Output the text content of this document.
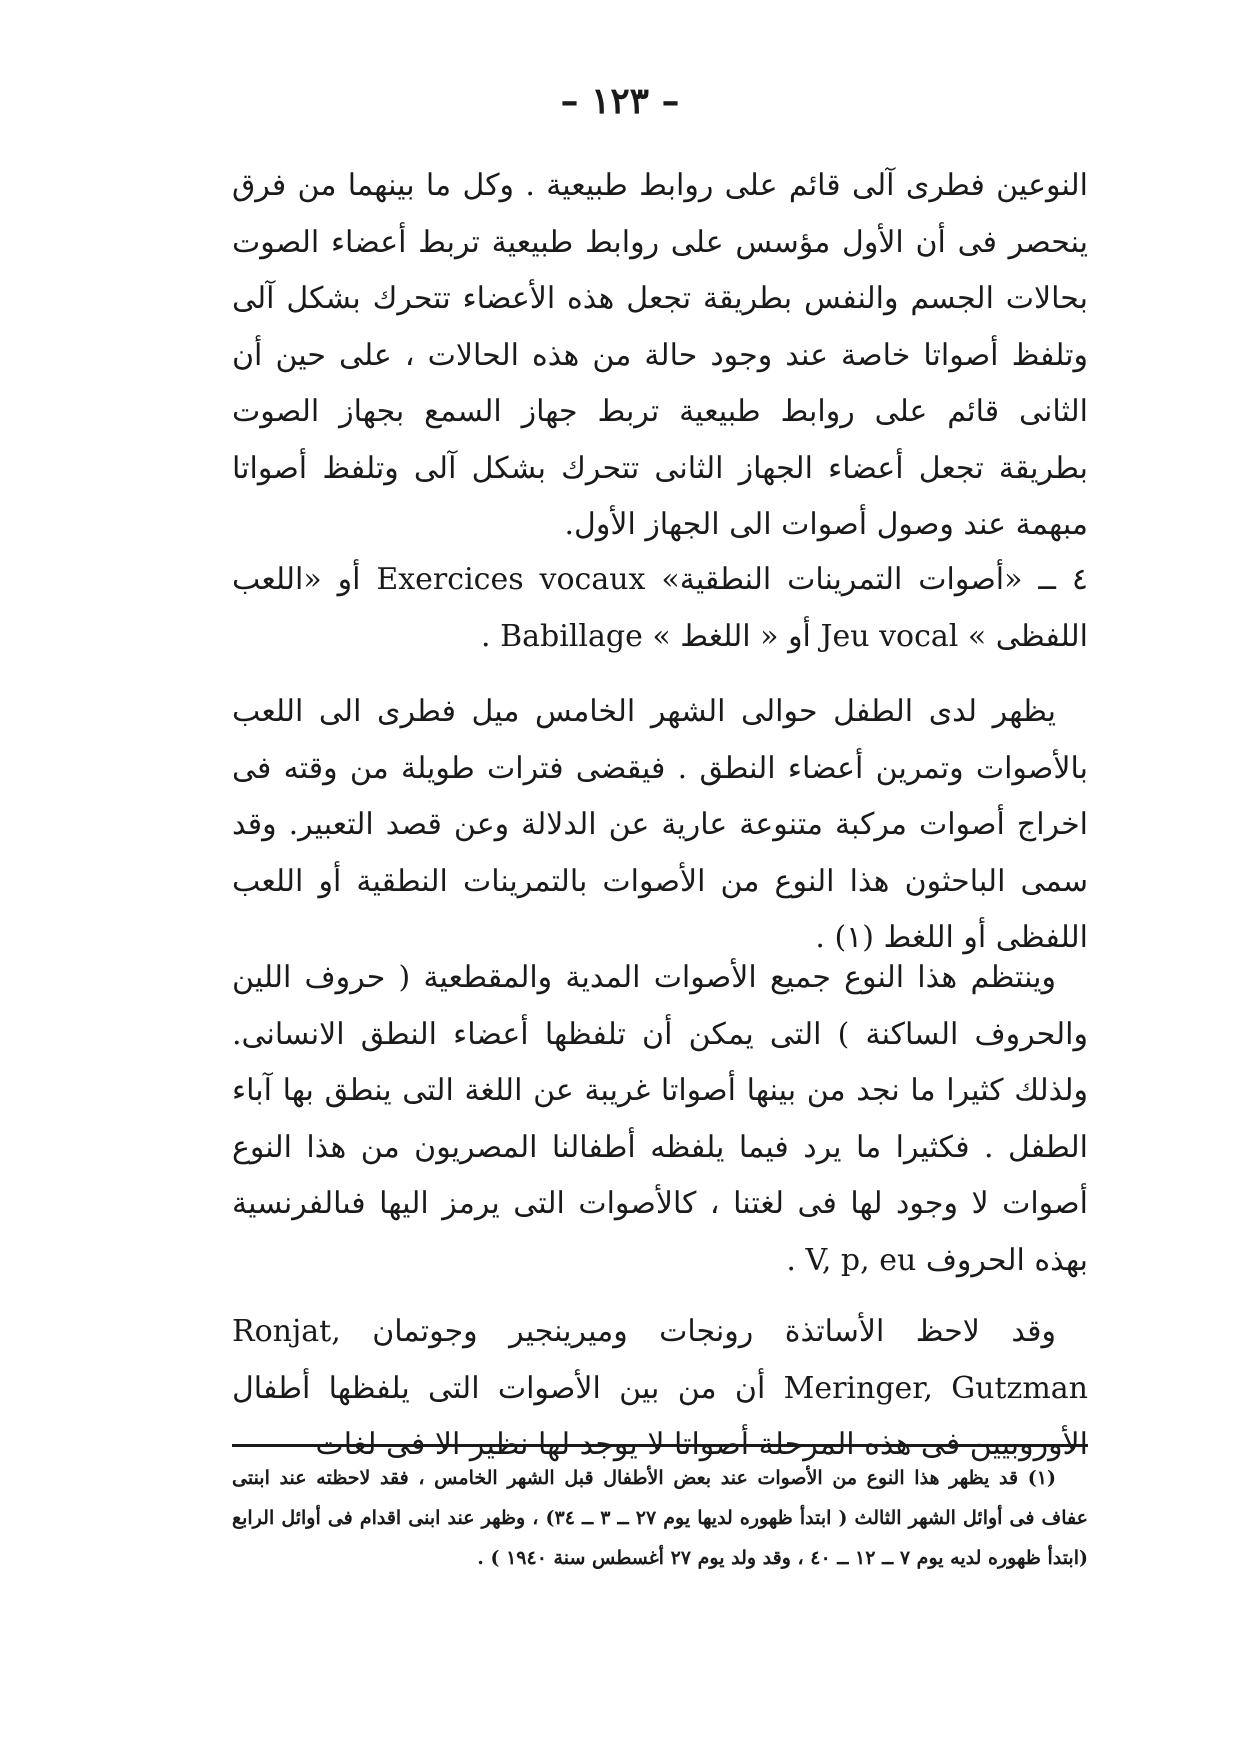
– ١٢٣ –

النوعين فطرى آلى قائم على روابط طبيعية . وكل ما بينهما من فرق ينحصر فى أن الأول مؤسس على روابط طبيعية تربط أعضاء الصوت بحالات الجسم والنفس بطريقة تجعل هذه الأعضاء تتحرك بشكل آلى وتلفظ أصواتا خاصة عند وجود حالة من هذه الحالات ، على حين أن الثانى قائم على روابط طبيعية تربط جهاز السمع بجهاز الصوت بطريقة تجعل أعضاء الجهاز الثانى تتحرك بشكل آلى وتلفظ أصواتا مبهمة عند وصول أصوات الى الجهاز الأول.

٤ ــ «أصوات التمرينات النطقية» Exercices vocaux أو «اللعب اللفظى » Jeu vocal أو « اللغط » Babillage .

يظهر لدى الطفل حوالى الشهر الخامس ميل فطرى الى اللعب بالأصوات وتمرين أعضاء النطق . فيقضى فترات طويلة من وقته فى اخراج أصوات مركبة متنوعة عارية عن الدلالة وعن قصد التعبير. وقد سمى الباحثون هذا النوع من الأصوات بالتمرينات النطقية أو اللعب اللفظى أو اللغط (١) .

وينتظم هذا النوع جميع الأصوات المدية والمقطعية ( حروف اللين والحروف الساكنة ) التى يمكن أن تلفظها أعضاء النطق الانسانى. ولذلك كثيرا ما نجد من بينها أصواتا غريبة عن اللغة التى ينطق بها آباء الطفل . فكثيرا ما يرد فيما يلفظه أطفالنا المصريون من هذا النوع أصوات لا وجود لها فى لغتنا ، كالأصوات التى يرمز اليها فىالفرنسية بهذه الحروف V, p, eu .

وقد لاحظ الأساتذة رونجات وميرينجير وجوتمان Ronjat, Meringer, Gutzman أن من بين الأصوات التى يلفظها أطفال الأوروبيين فى هذه المرحلة أصواتا لا يوجد لها نظير الا فى لغات

(١) قد يظهر هذا النوع من الأصوات عند بعض الأطفال قبل الشهر الخامس ، فقد لاحظته عند ابنتى عفاف فى أوائل الشهر الثالث ( ابتدأ ظهوره لديها يوم ٢٧ ــ ٣ ــ ٣٤) ، وظهر عند ابنى اقدام فى أوائل الرابع (ابتدأ ظهوره لديه يوم ٧ ــ ١٢ ــ ٤٠ ، وقد ولد يوم ٢٧ أغسطس سنة ١٩٤٠ ) .
